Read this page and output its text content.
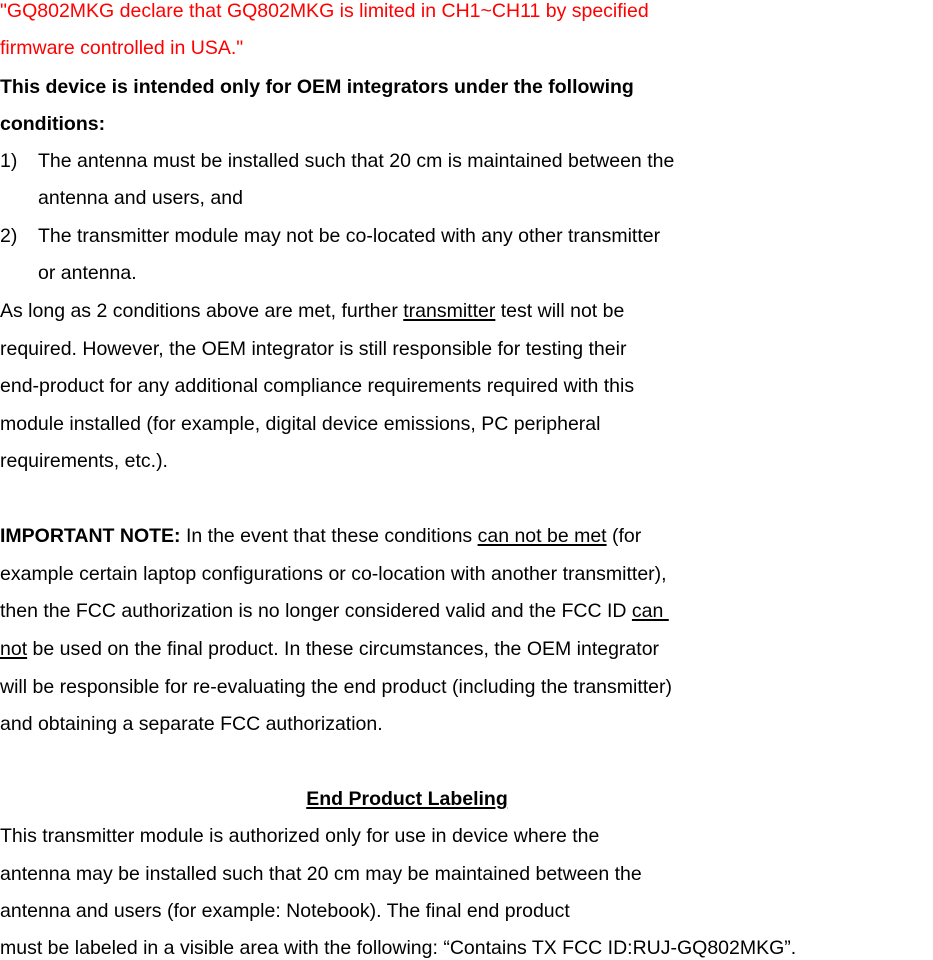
"GQ802MKG declare that GQ802MKG is limited in CH1~CH11 by specified
firmware controlled in USA."
This device is intended only for OEM integrators under the following
conditions:
1) The antenna must be installed such that 20 cm is maintained between the
antenna and users, and
2) The transmitter module may not be co-located with any other transmitter
or antenna.
As long as 2 conditions above are met, further transmitter test will not be
required. However, the OEM integrator is still responsible for testing their
end-product for any additional compliance requirements required with this
module installed (for example, digital device emissions, PC peripheral
requirements, etc.).
IMPORTANT NOTE: In the event that these conditions can not be met (for
example certain laptop configurations or co-location with another transmitter),
then the FCC authorization is no longer considered valid and the FCC ID can
not be used on the final product. In these circumstances, the OEM integrator
will be responsible for re-evaluating the end product (including the transmitter)
and obtaining a separate FCC authorization.
End Product Labeling
This transmitter module is authorized only for use in device where the
antenna may be installed such that 20 cm may be maintained between the
antenna and users (for example: Notebook). The final end product
must be labeled in a visible area with the following: “Contains TX FCC ID:RUJ-GQ802MKG”.
